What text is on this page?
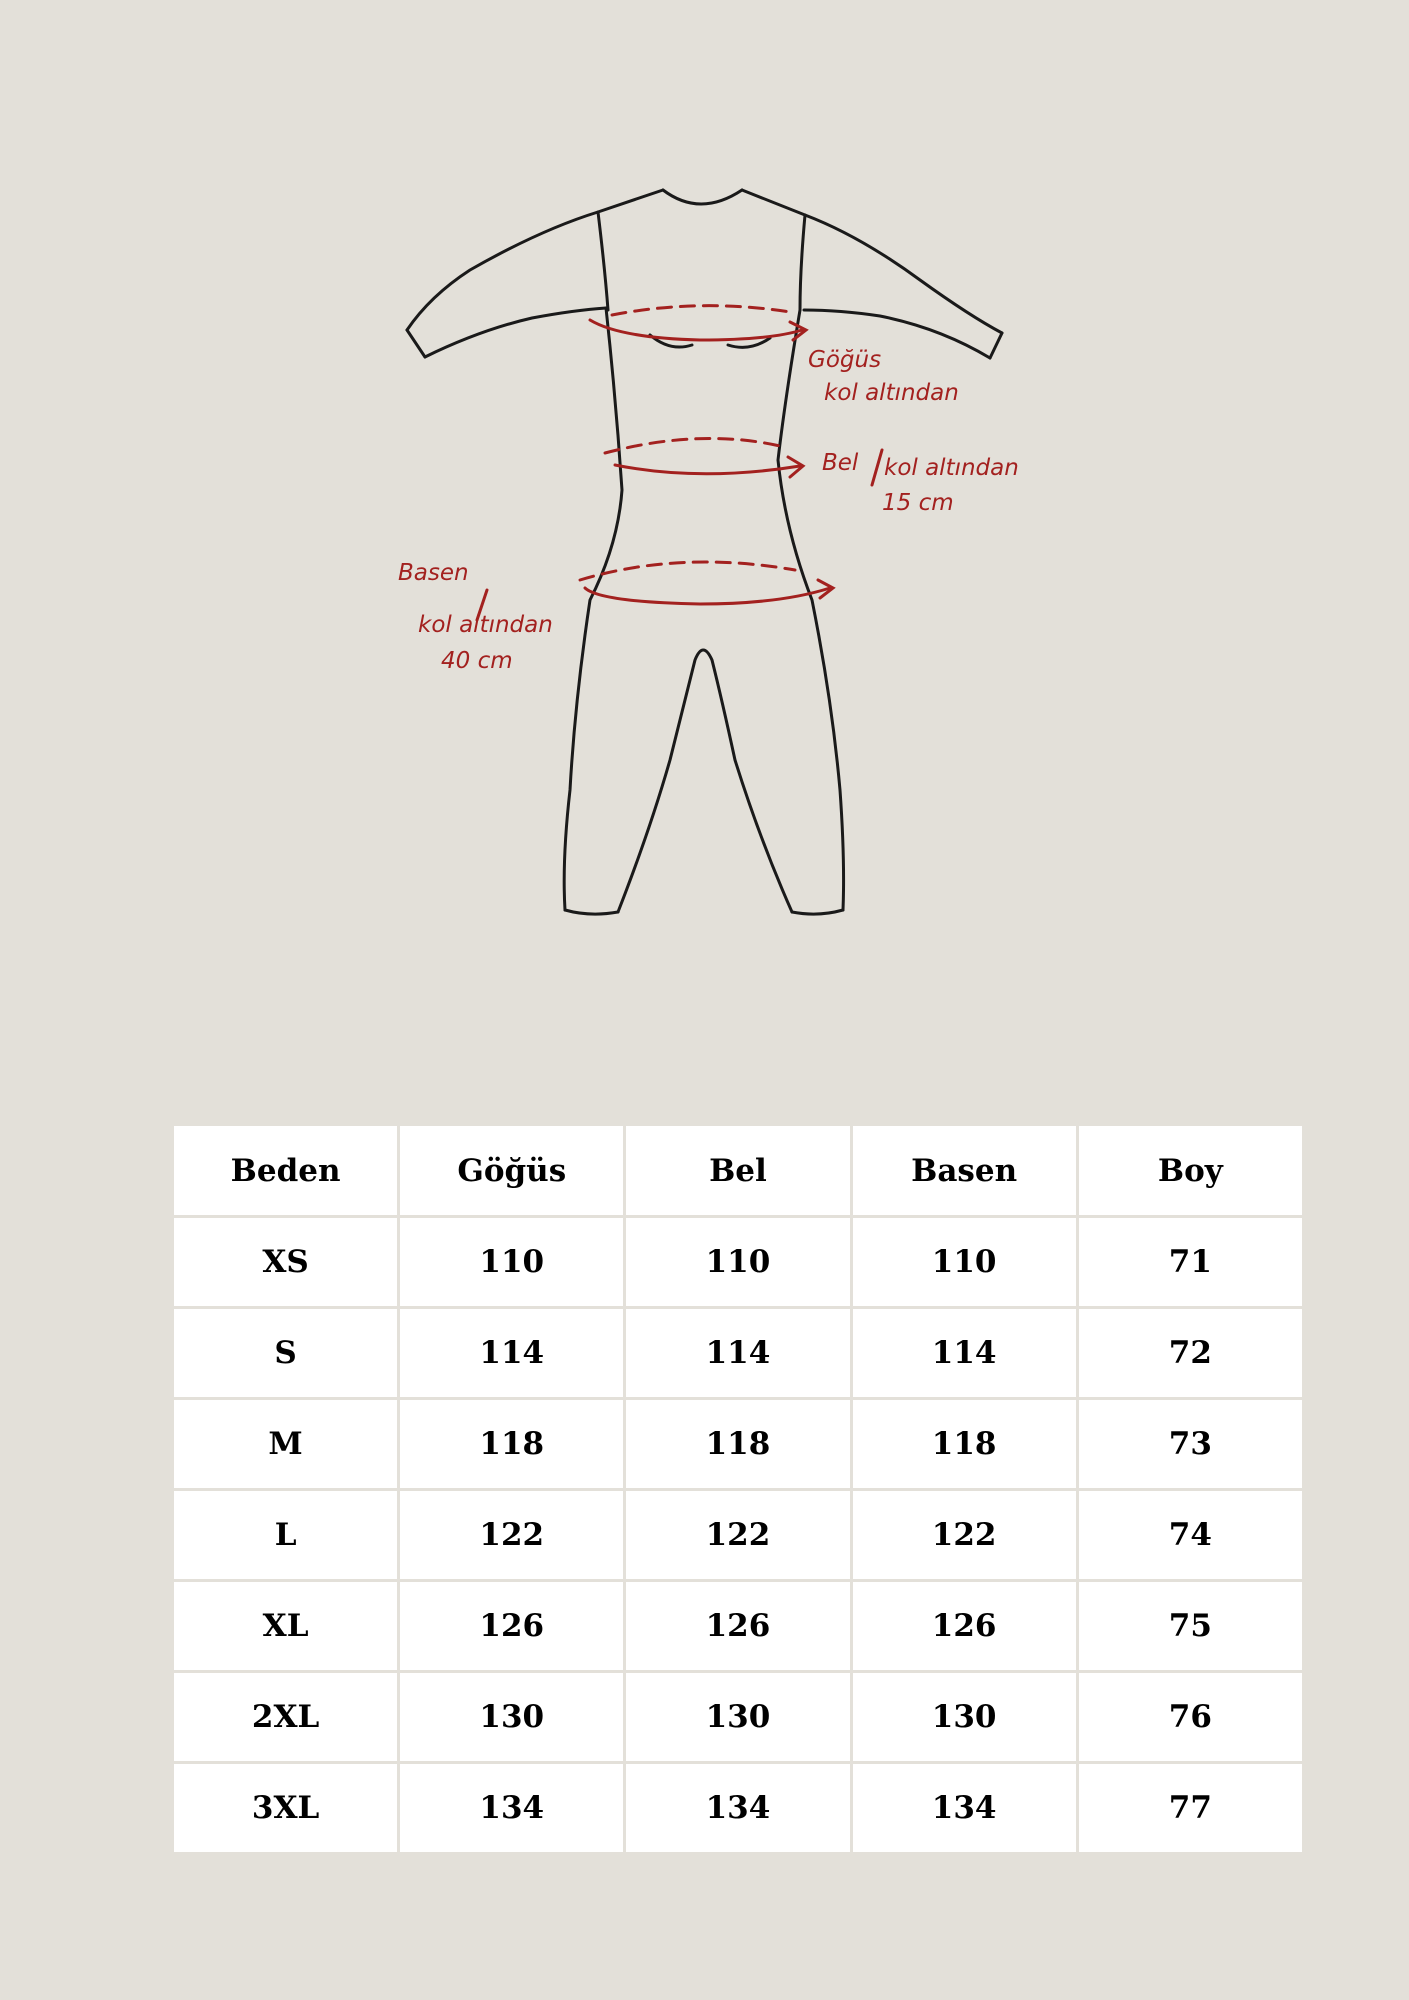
Göğüs
kol altından
Bel kol altından
15 cm
Basen
kol altından
40 cm
Beden	Göğüs	Bel	Basen	Boy
XS	110	110	110	71
S	114	114	114	72
M	118	118	118	73
L	122	122	122	74
XL	126	126	126	75
2XL	130	130	130	76
3XL	134	134	134	77
